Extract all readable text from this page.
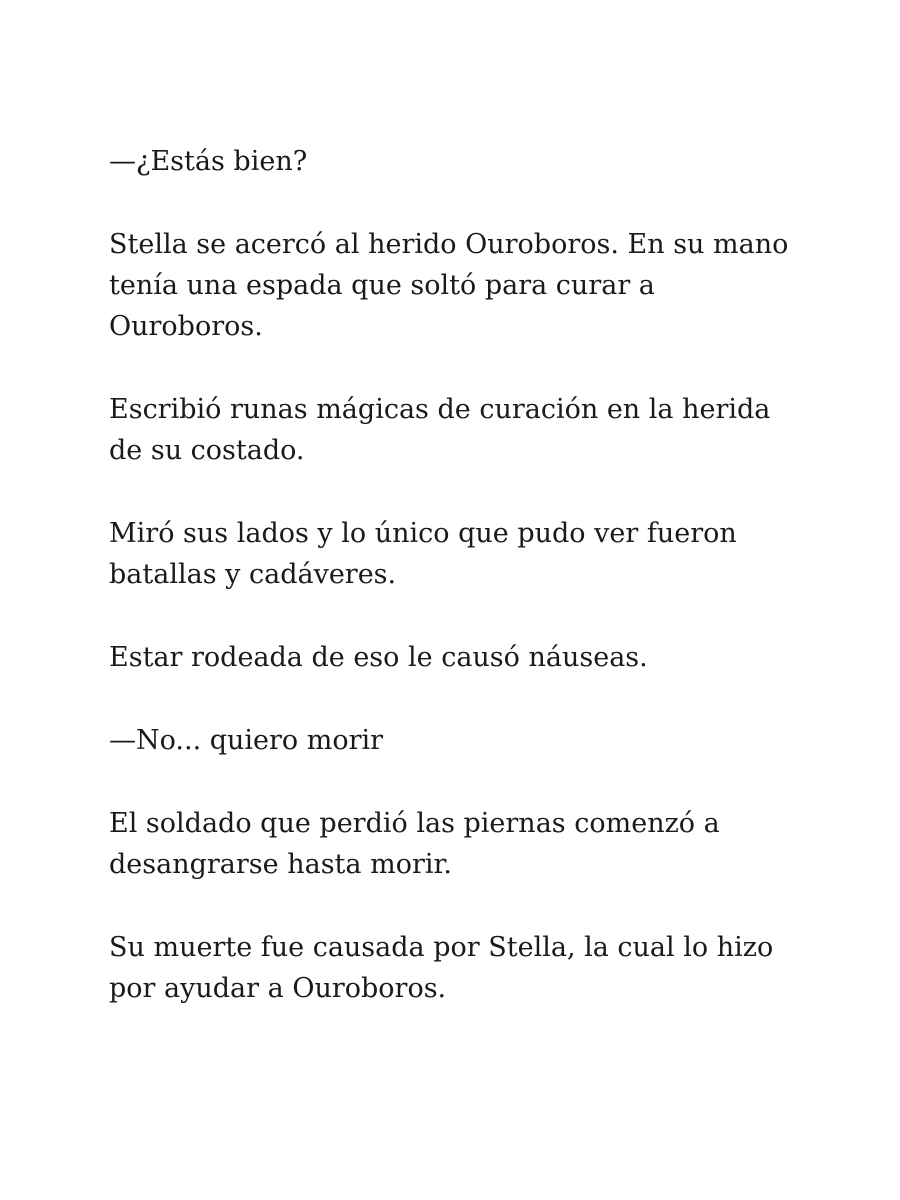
—¿Estás bien?

Stella se acercó al herido Ouroboros. En su mano tenía una espada que soltó para curar a Ouroboros.

Escribió runas mágicas de curación en la herida de su costado.

Miró sus lados y lo único que pudo ver fueron batallas y cadáveres.

Estar rodeada de eso le causó náuseas.

—No... quiero morir

El soldado que perdió las piernas comenzó a desangrarse hasta morir.

Su muerte fue causada por Stella, la cual lo hizo por ayudar a Ouroboros.
